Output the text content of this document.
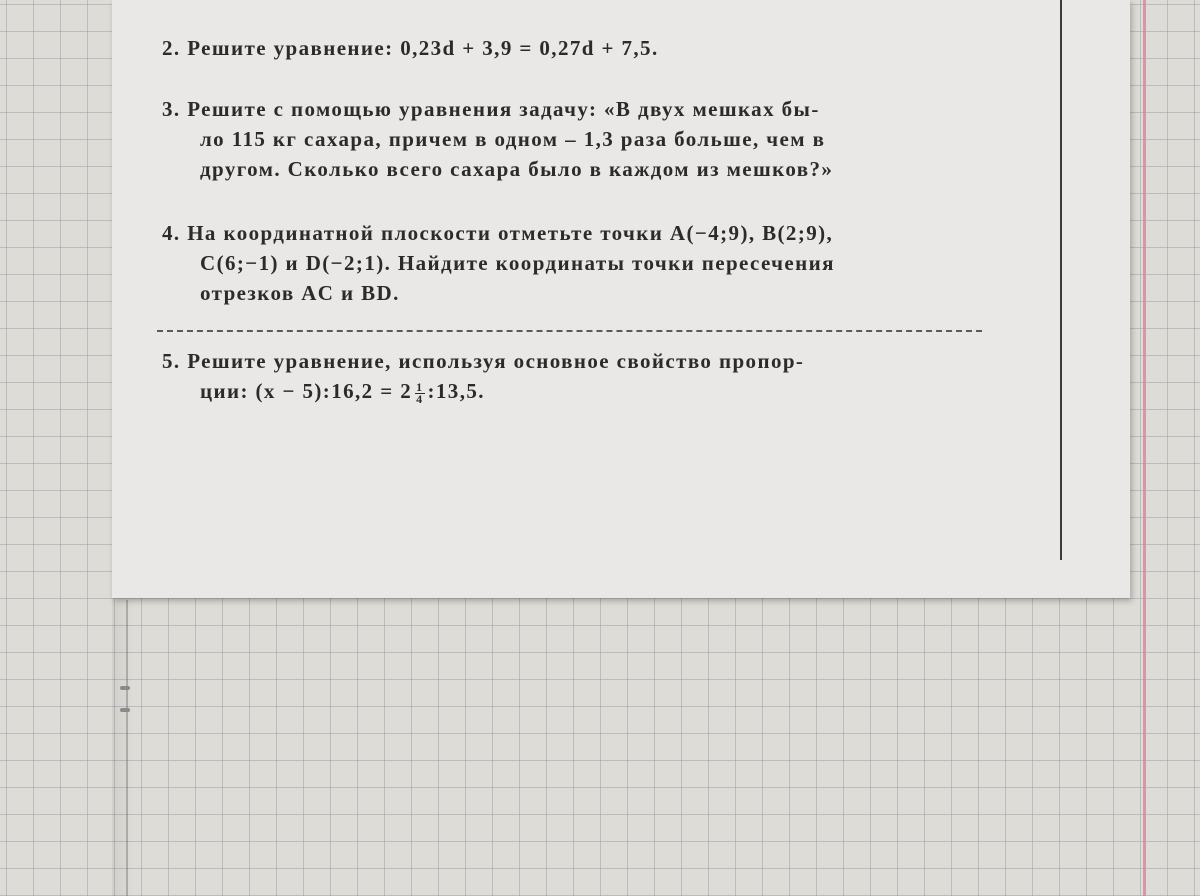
2. Решите уравнение: 0,23d + 3,9 = 0,27d + 7,5.
3. Решите с помощью уравнения задачу: «В двух мешках бы-
ло 115 кг сахара, причем в одном – 1,3 раза больше, чем в
другом. Сколько всего сахара было в каждом из мешков?»
4. На координатной плоскости отметьте точки A(−4;9), B(2;9),
C(6;−1) и D(−2;1). Найдите координаты точки пересечения
отрезков AC и BD.
5. Решите уравнение, используя основное свойство пропор-
ции: (x − 5):16,2 = $2 \frac{1}{4}$ :13,5.
